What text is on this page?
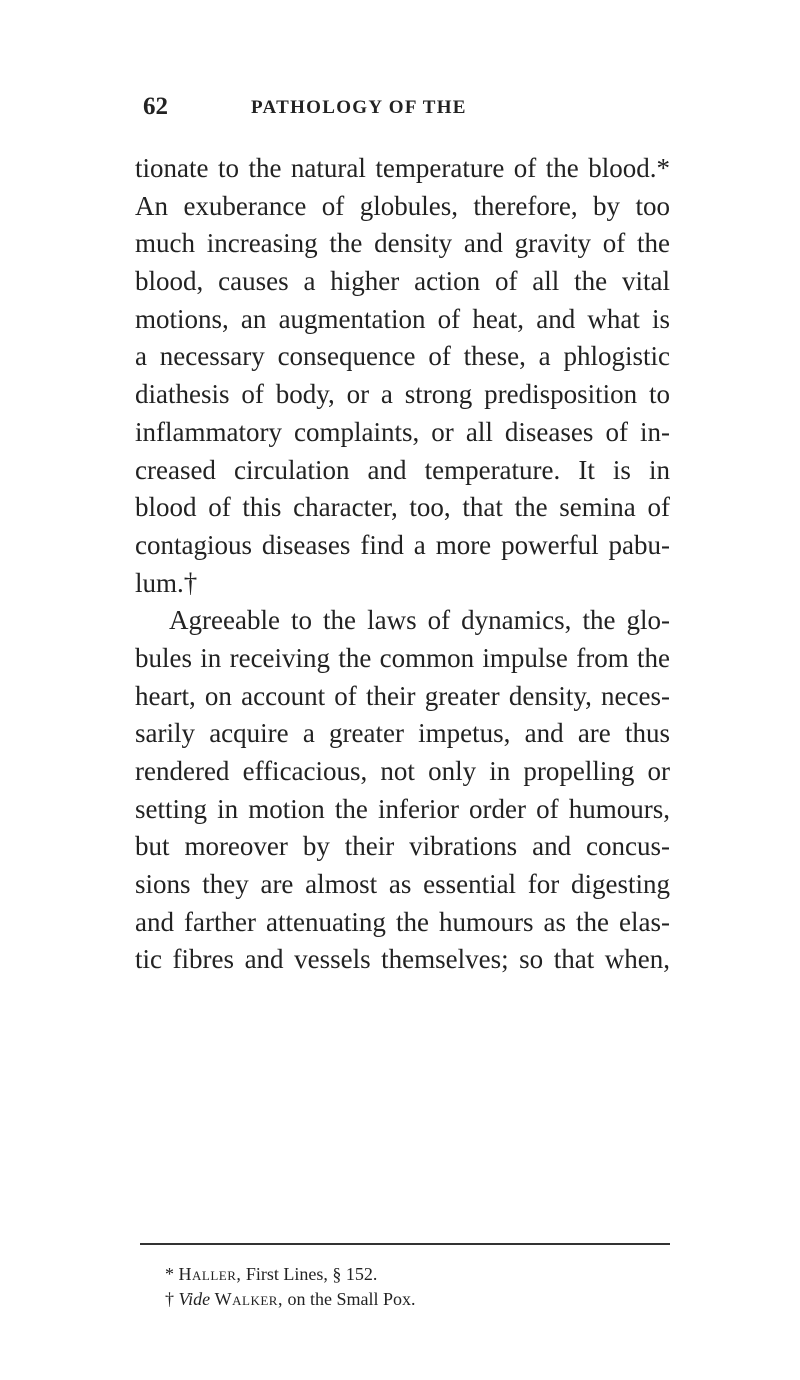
62	PATHOLOGY OF THE
tionate to the natural temperature of the blood.*
An exuberance of globules, therefore, by too
much increasing the density and gravity of the
blood, causes a higher action of all the vital
motions, an augmentation of heat, and what is
a necessary consequence of these, a phlogistic
diathesis of body, or a strong predisposition to
inflammatory complaints, or all diseases of in-
creased circulation and temperature. It is in
blood of this character, too, that the semina of
contagious diseases find a more powerful pabu-
lum.†
Agreeable to the laws of dynamics, the glo-
bules in receiving the common impulse from the
heart, on account of their greater density, neces-
sarily acquire a greater impetus, and are thus
rendered efficacious, not only in propelling or
setting in motion the inferior order of humours,
but moreover by their vibrations and concus-
sions they are almost as essential for digesting
and farther attenuating the humours as the elas-
tic fibres and vessels themselves; so that when,
* Haller, First Lines, § 152.
† Vide Walker, on the Small Pox.
